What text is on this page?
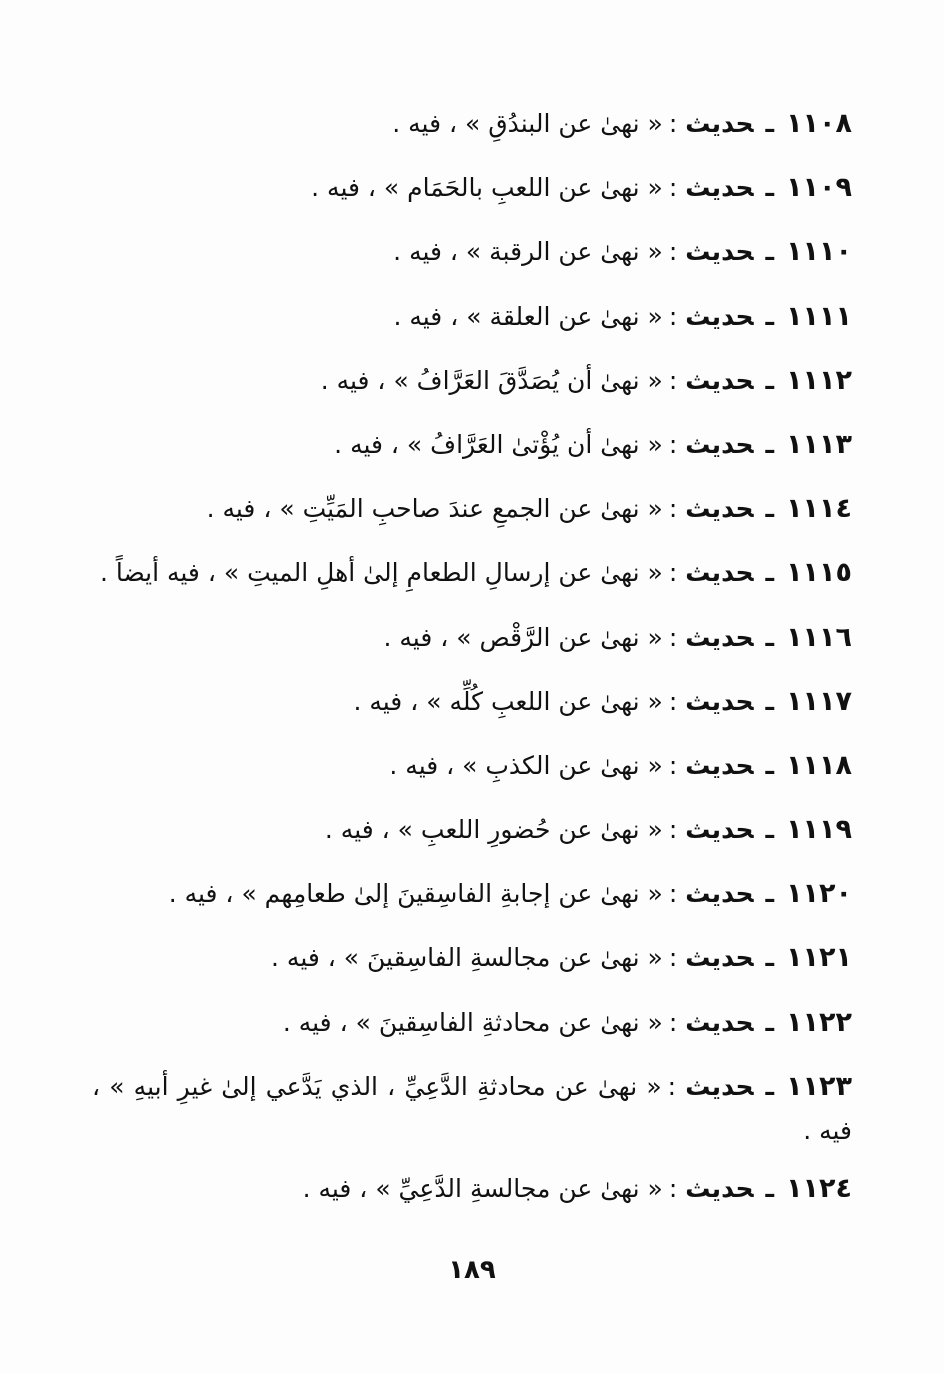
١١٠٨ـحديث :« نهىٰ عن البندُقِ » ، فيه .
١١٠٩ـحديث :« نهىٰ عن اللعبِ بالحَمَام » ، فيه .
١١١٠ـحديث :« نهىٰ عن الرقبة » ، فيه .
١١١١ـحديث :« نهىٰ عن العلقة » ، فيه .
١١١٢ـحديث :« نهىٰ أن يُصَدَّقَ العَرَّافُ » ، فيه .
١١١٣ـحديث :« نهىٰ أن يُؤْتىٰ العَرَّافُ » ، فيه .
١١١٤ـحديث :« نهىٰ عن الجمعِ عندَ صاحبِ المَيِّتِ » ، فيه .
١١١٥ـحديث :« نهىٰ عن إرسالِ الطعامِ إلىٰ أهلِ الميتِ » ، فيه أيضاً .
١١١٦ـحديث :« نهىٰ عن الرَّقْص » ، فيه .
١١١٧ـحديث :« نهىٰ عن اللعبِ كُلِّه » ، فيه .
١١١٨ـحديث :« نهىٰ عن الكذبِ » ، فيه .
١١١٩ـحديث :« نهىٰ عن حُضورِ اللعبِ » ، فيه .
١١٢٠ـحديث :« نهىٰ عن إجابةِ الفاسِقينَ إلىٰ طعامِهم » ، فيه .
١١٢١ـحديث :« نهىٰ عن مجالسةِ الفاسِقينَ » ، فيه .
١١٢٢ـحديث :« نهىٰ عن محادثةِ الفاسِقينَ » ، فيه .
١١٢٣ـحديث :« نهىٰ عن محادثةِ الدَّعِيِّ ، الذي يَدَّعي إلىٰ غيرِ أبيهِ » ، فيه .
١١٢٤ـحديث :« نهىٰ عن مجالسةِ الدَّعِيِّ » ، فيه .
١٨٩
